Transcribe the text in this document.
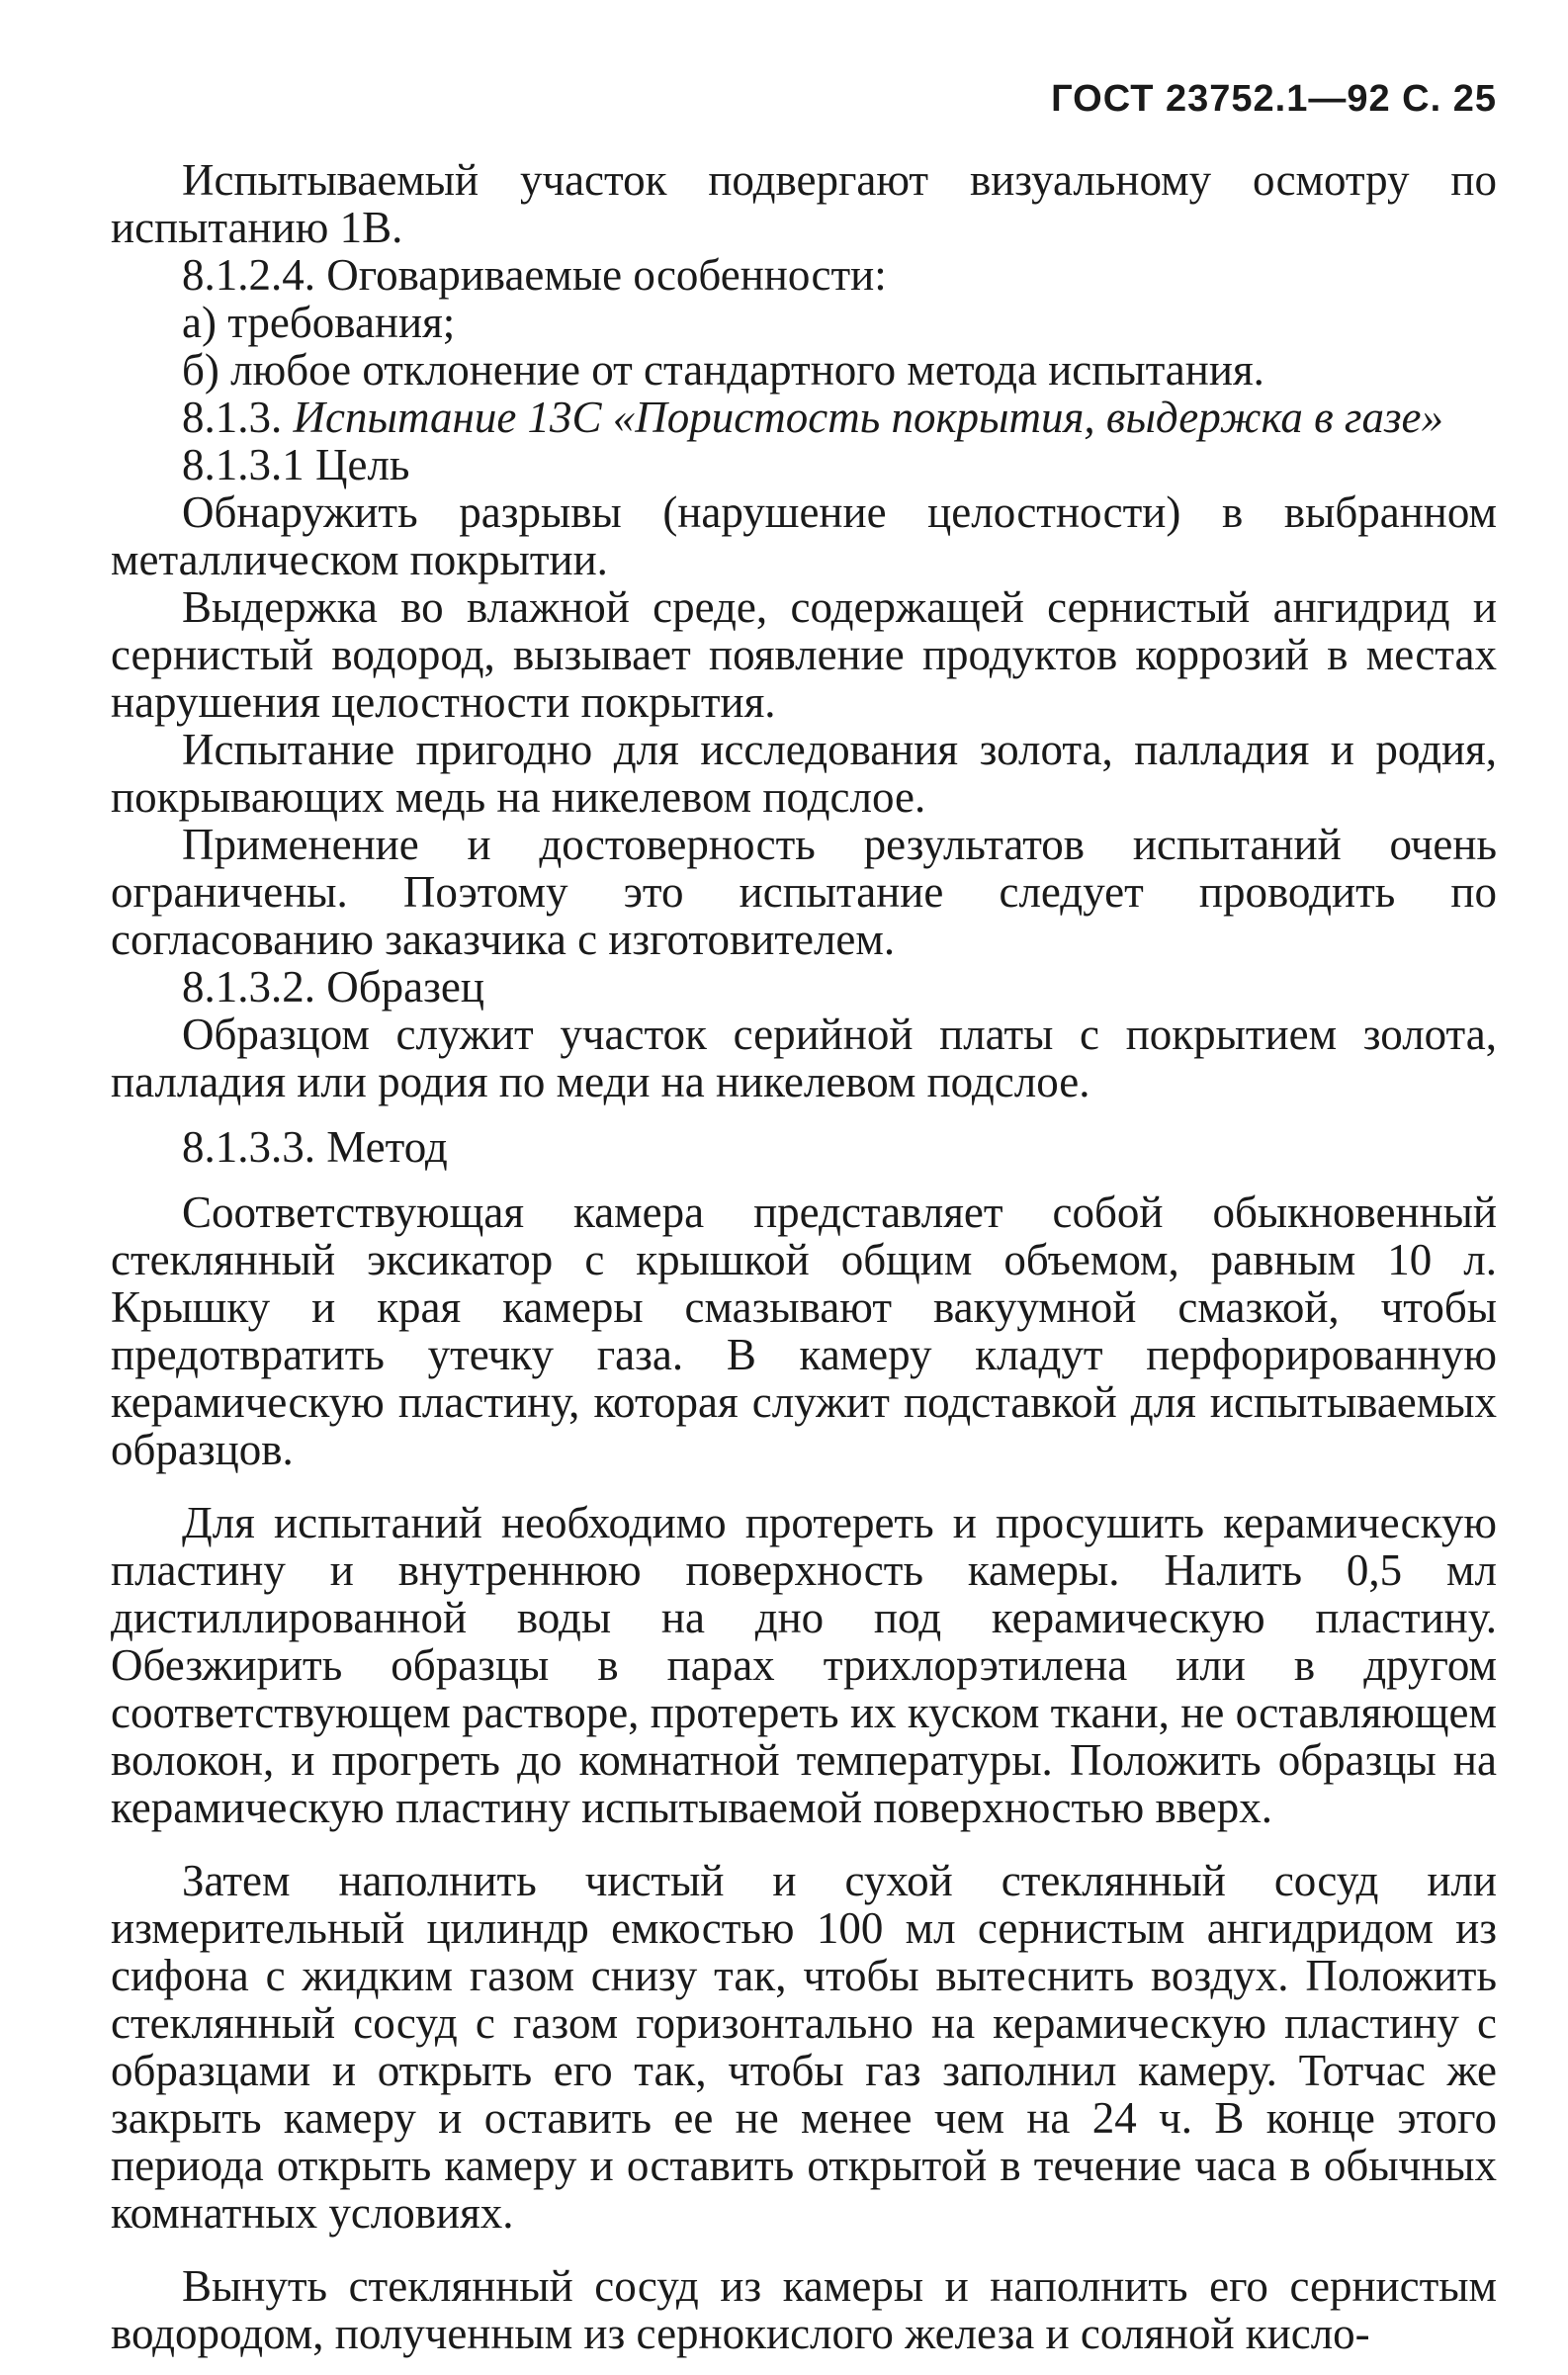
ГОСТ 23752.1—92 С. 25

Испытываемый участок подвергают визуальному осмотру по испытанию 1В.

8.1.2.4. Оговариваемые особенности:

а) требования;

б) любое отклонение от стандартного метода испытания.

8.1.3. Испытание 13С «Пористость покрытия, выдержка в газе»

8.1.3.1 Цель

Обнаружить разрывы (нарушение целостности) в выбранном металлическом покрытии.

Выдержка во влажной среде, содержащей сернистый ангидрид и сернистый водород, вызывает появление продуктов коррозий в местах нарушения целостности покрытия.

Испытание пригодно для исследования золота, палладия и родия, покрывающих медь на никелевом подслое.

Применение и достоверность результатов испытаний очень ограничены. Поэтому это испытание следует проводить по согласованию заказчика с изготовителем.

8.1.3.2. Образец

Образцом служит участок серийной платы с покрытием золота, палладия или родия по меди на никелевом подслое.

8.1.3.3. Метод

Соответствующая камера представляет собой обыкновенный стеклянный эксикатор с крышкой общим объемом, равным 10 л. Крышку и края камеры смазывают вакуумной смазкой, чтобы предотвратить утечку газа. В камеру кладут перфорированную керамическую пластину, которая служит подставкой для испытываемых образцов.

Для испытаний необходимо протереть и просушить керамическую пластину и внутреннюю поверхность камеры. Налить 0,5 мл дистиллированной воды на дно под керамическую пластину. Обезжирить образцы в парах трихлорэтилена или в другом соответствующем растворе, протереть их куском ткани, не оставляющем волокон, и прогреть до комнатной температуры. Положить образцы на керамическую пластину испытываемой поверхностью вверх.

Затем наполнить чистый и сухой стеклянный сосуд или измерительный цилиндр емкостью 100 мл сернистым ангидридом из сифона с жидким газом снизу так, чтобы вытеснить воздух. Положить стеклянный сосуд с газом горизонтально на керамическую пластину с образцами и открыть его так, чтобы газ заполнил камеру. Тотчас же закрыть камеру и оставить ее не менее чем на 24 ч. В конце этого периода открыть камеру и оставить открытой в течение часа в обычных комнатных условиях.

Вынуть стеклянный сосуд из камеры и наполнить его сернистым водородом, полученным из сернокислого железа и соляной кисло-
